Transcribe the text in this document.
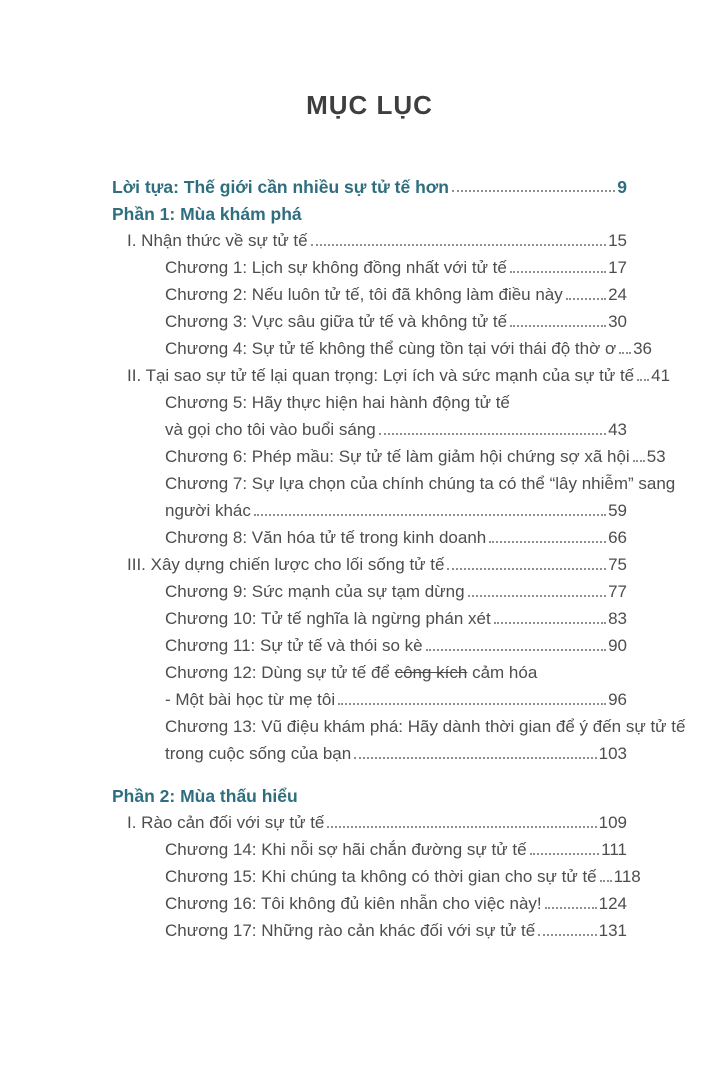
MỤC LỤC
Lời tựa: Thế giới cần nhiều sự tử tế hơn	9
Phần 1: Mùa khám phá
I. Nhận thức về sự tử tế	15
Chương 1: Lịch sự không đồng nhất với tử tế	17
Chương 2: Nếu luôn tử tế, tôi đã không làm điều này	24
Chương 3: Vực sâu giữa tử tế và không tử tế	30
Chương 4: Sự tử tế không thể cùng tồn tại với thái độ thờ ơ 36
II. Tại sao sự tử tế lại quan trọng: Lợi ích và sức mạnh của sự tử tế 41
Chương 5: Hãy thực hiện hai hành động tử tế
và gọi cho tôi vào buổi sáng	43
Chương 6: Phép mầu: Sự tử tế làm giảm hội chứng sợ xã hội 53
Chương 7: Sự lựa chọn của chính chúng ta có thể “lây nhiễm” sang
người khác	59
Chương 8: Văn hóa tử tế trong kinh doanh	66
III. Xây dựng chiến lược cho lối sống tử tế	75
Chương 9: Sức mạnh của sự tạm dừng	77
Chương 10: Tử tế nghĩa là ngừng phán xét	83
Chương 11: Sự tử tế và thói so kè	90
Chương 12: Dùng sự tử tế để công kích cảm hóa
- Một bài học từ mẹ tôi	96
Chương 13: Vũ điệu khám phá: Hãy dành thời gian để ý đến sự tử tế
trong cuộc sống của bạn	103
Phần 2: Mùa thấu hiểu
I. Rào cản đối với sự tử tế	109
Chương 14: Khi nỗi sợ hãi chắn đường sự tử tế	111
Chương 15: Khi chúng ta không có thời gian cho sự tử tế 118
Chương 16: Tôi không đủ kiên nhẫn cho việc này!	124
Chương 17: Những rào cản khác đối với sự tử tế	131
